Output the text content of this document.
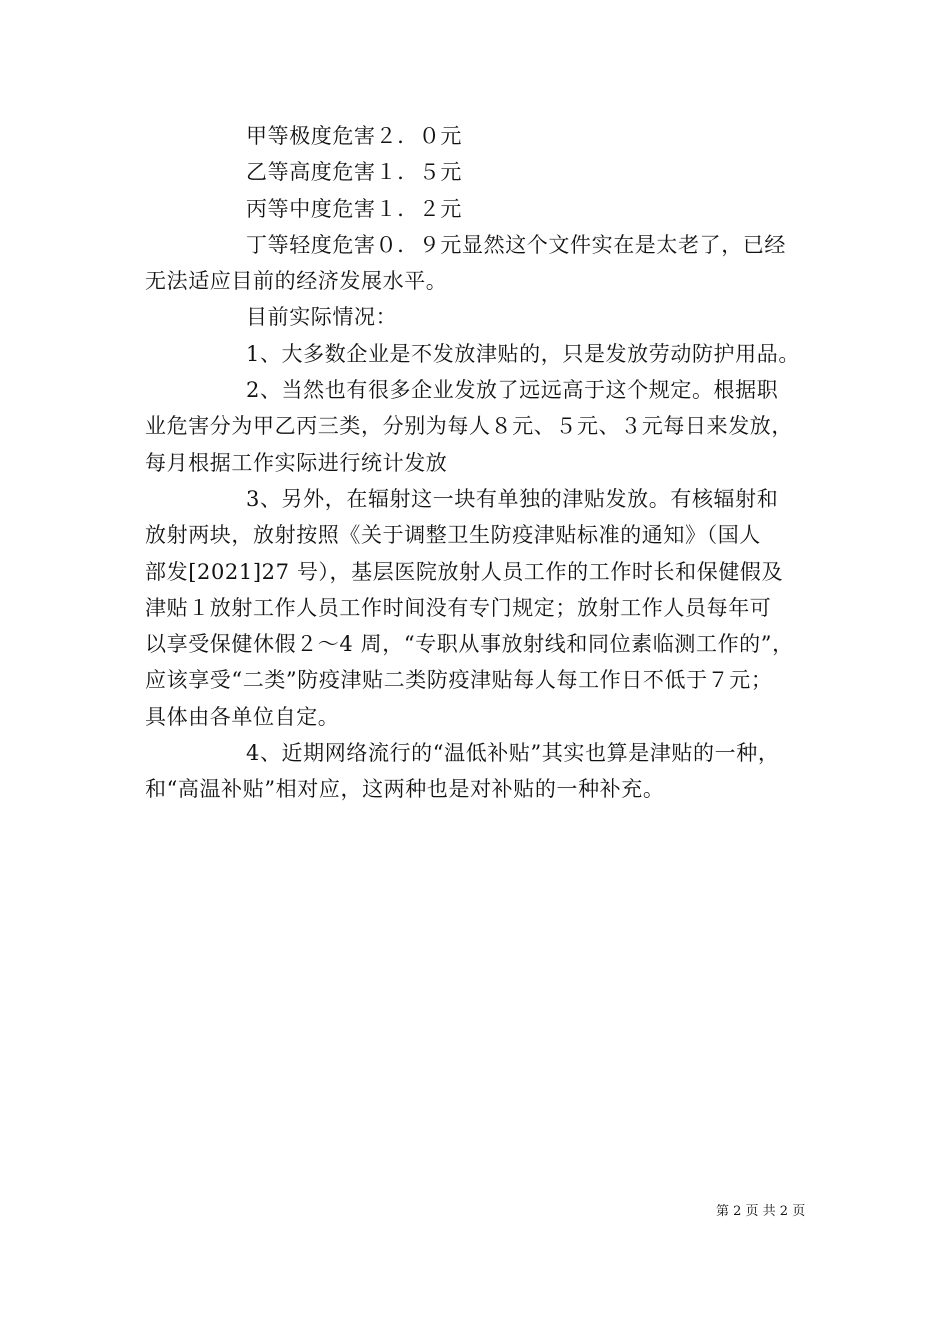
甲等极度危害２．０元
乙等高度危害１．５元
丙等中度危害１．２元
丁等轻度危害０．９元显然这个文件实在是太老了，已经
无法适应目前的经济发展水平。
目前实际情况：
1、大多数企业是不发放津贴的，只是发放劳动防护用品。
2、当然也有很多企业发放了远远高于这个规定。根据职
业危害分为甲乙丙三类，分别为每人８元、５元、３元每日来发放，
每月根据工作实际进行统计发放
3、另外，在辐射这一块有单独的津贴发放。有核辐射和
放射两块，放射按照《关于调整卫生防疫津贴标准的通知》（国人
部发[2021]27 号），基层医院放射人员工作的工作时长和保健假及
津贴１放射工作人员工作时间没有专门规定；放射工作人员每年可
以享受保健休假２～4 周，“专职从事放射线和同位素临测工作的”，
应该享受“二类”防疫津贴二类防疫津贴每人每工作日不低于７元；
具体由各单位自定。
4、近期网络流行的“温低补贴”其实也算是津贴的一种，
和“高温补贴”相对应，这两种也是对补贴的一种补充。
第 2 页 共 2 页
